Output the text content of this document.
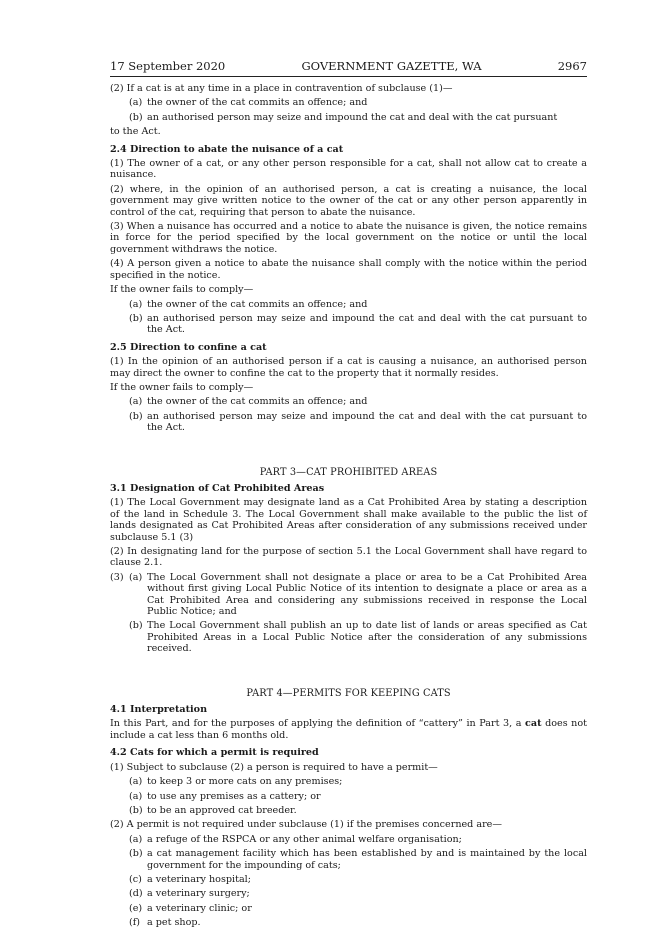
17 September 2020	GOVERNMENT GAZETTE, WA	2967

(2) If a cat is at any time in a place in contravention of subclause (1)—

(a) the owner of the cat commits an offence; and
(b) an authorised person may seize and impound the cat and deal with the cat pursuant

to the Act.

2.4 Direction to abate the nuisance of a cat

(1) The owner of a cat, or any other person responsible for a cat, shall not allow cat to create a nuisance.

(2) where, in the opinion of an authorised person, a cat is creating a nuisance, the local government may give written notice to the owner of the cat or any other person apparently in control of the cat, requiring that person to abate the nuisance.

(3) When a nuisance has occurred and a notice to abate the nuisance is given, the notice remains in force for the period specified by the local government on the notice or until the local government withdraws the notice.

(4) A person given a notice to abate the nuisance shall comply with the notice within the period specified in the notice.

If the owner fails to comply—

(a) the owner of the cat commits an offence; and
(b) an authorised person may seize and impound the cat and deal with the cat pursuant to the Act.
2.5 Direction to confine a cat

(1) In the opinion of an authorised person if a cat is causing a nuisance, an authorised person may direct the owner to confine the cat to the property that it normally resides.

If the owner fails to comply—

(a) the owner of the cat commits an offence; and
(b) an authorised person may seize and impound the cat and deal with the cat pursuant to the Act.
PART 3—CAT PROHIBITED AREAS
3.1 Designation of Cat Prohibited Areas

(1) The Local Government may designate land as a Cat Prohibited Area by stating a description of the land in Schedule 3. The Local Government shall make available to the public the list of lands designated as Cat Prohibited Areas after consideration of any submissions received under subclause 5.1 (3)

(2) In designating land for the purpose of section 5.1 the Local Government shall have regard to clause 2.1.

(3) (a) The Local Government shall not designate a place or area to be a Cat Prohibited Area without first giving Local Public Notice of its intention to designate a place or area as a Cat Prohibited Area and considering any submissions received in response the Local Public Notice; and
(b) The Local Government shall publish an up to date list of lands or areas specified as Cat Prohibited Areas in a Local Public Notice after the consideration of any submissions received.
PART 4—PERMITS FOR KEEPING CATS
4.1 Interpretation

In this Part, and for the purposes of applying the definition of “cattery” in Part 3, a cat does not include a cat less than 6 months old.

4.2 Cats for which a permit is required

(1) Subject to subclause (2) a person is required to have a permit—

(a) to keep 3 or more cats on any premises;
(a) to use any premises as a cattery; or
(b) to be an approved cat breeder.

(2) A permit is not required under subclause (1) if the premises concerned are—

(a) a refuge of the RSPCA or any other animal welfare organisation;
(b) a cat management facility which has been established by and is maintained by the local government for the impounding of cats;
(c) a veterinary hospital;
(d) a veterinary surgery;
(e) a veterinary clinic; or
(f) a pet shop.
